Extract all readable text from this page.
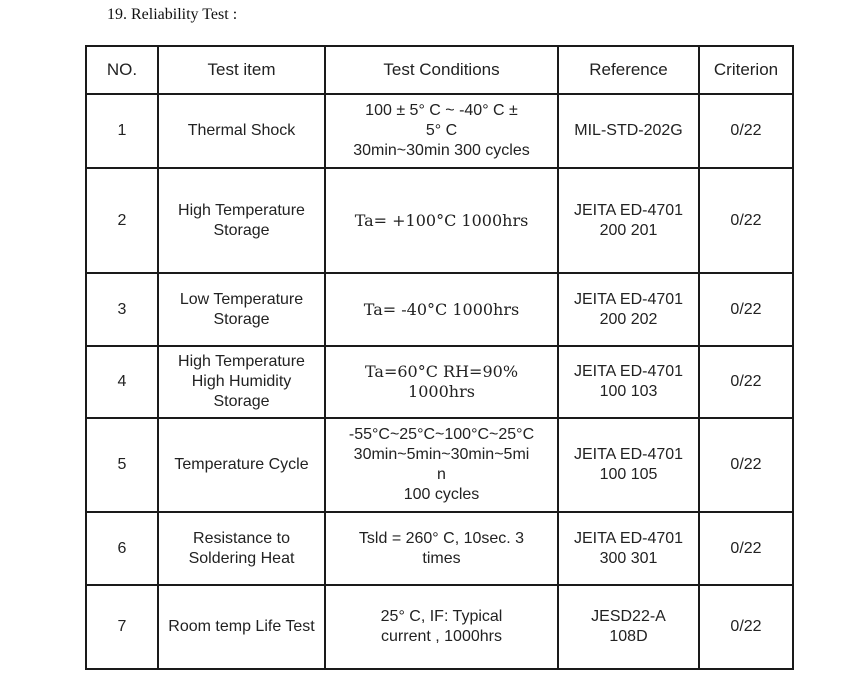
19. Reliability Test :
NO.	Test item	Test Conditions	Reference	Criterion
1	Thermal Shock	100 ± 5° C ~ -40° C ±
5° C
30min~30min 300 cycles	MIL-STD-202G	0/22
2	High Temperature Storage	Ta= +100°C 1000hrs	JEITA ED-4701
200 201	0/22
3	Low Temperature Storage	Ta= -40°C 1000hrs	JEITA ED-4701
200 202	0/22
4	High Temperature
High Humidity
Storage	Ta=60°C RH=90% 1000hrs	JEITA ED-4701
100 103	0/22
5	Temperature Cycle	-55°C~25°C~100°C~25°C
30min~5min~30min~5mi
n
100 cycles	JEITA ED-4701
100 105	0/22
6	Resistance to Soldering Heat	Tsld = 260° C, 10sec. 3
times	JEITA ED-4701
300 301	0/22
7	Room temp Life Test	25° C, IF: Typical
current , 1000hrs	JESD22-A
108D	0/22
